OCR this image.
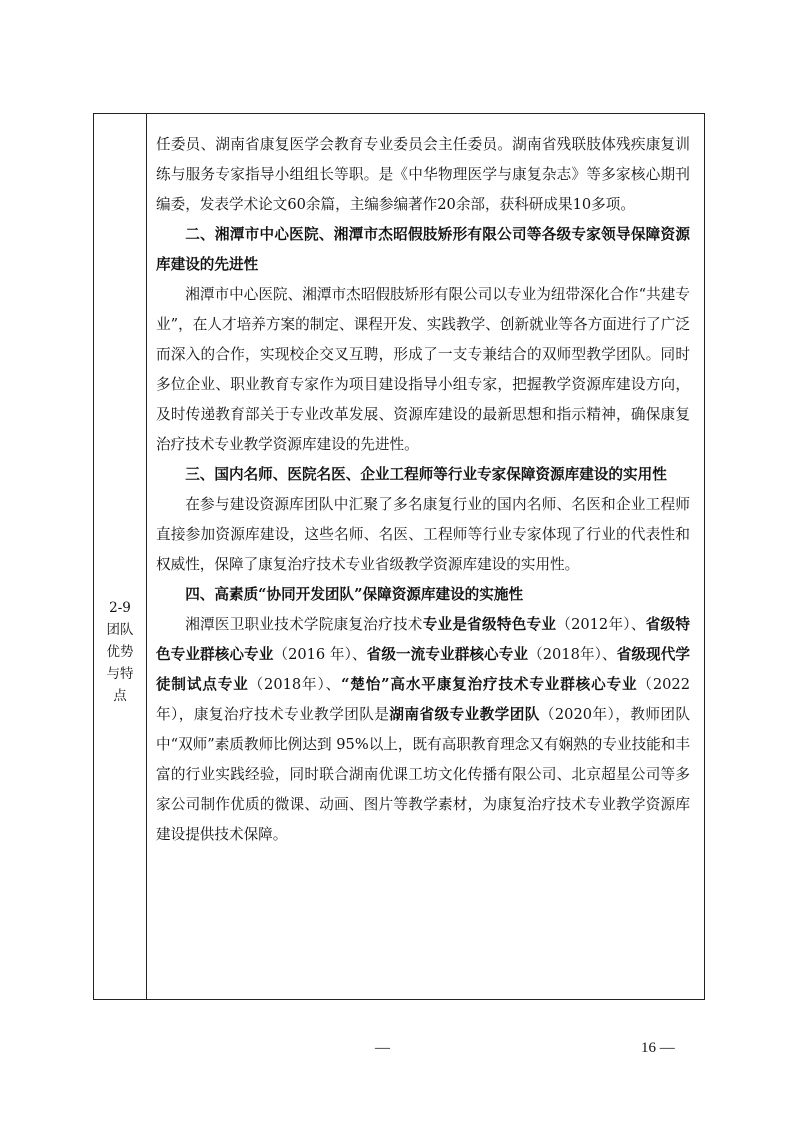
2-9
团队
优势
与特
点

任委员、湖南省康复医学会教育专业委员会主任委员。湖南省残联肢体残疾康复训练与服务专家指导小组组长等职。是《中华物理医学与康复杂志》等多家核心期刊编委，发表学术论文60余篇，主编参编著作20余部，获科研成果10多项。

二、湘潭市中心医院、湘潭市杰昭假肢矫形有限公司等各级专家领导保障资源库建设的先进性

湘潭市中心医院、湘潭市杰昭假肢矫形有限公司以专业为纽带深化合作“共建专业”，在人才培养方案的制定、课程开发、实践教学、创新就业等各方面进行了广泛而深入的合作，实现校企交叉互聘，形成了一支专兼结合的双师型教学团队。同时多位企业、职业教育专家作为项目建设指导小组专家，把握教学资源库建设方向，及时传递教育部关于专业改革发展、资源库建设的最新思想和指示精神，确保康复治疗技术专业教学资源库建设的先进性。

三、国内名师、医院名医、企业工程师等行业专家保障资源库建设的实用性

在参与建设资源库团队中汇聚了多名康复行业的国内名师、名医和企业工程师直接参加资源库建设，这些名师、名医、工程师等行业专家体现了行业的代表性和权威性，保障了康复治疗技术专业省级教学资源库建设的实用性。

四、高素质“协同开发团队”保障资源库建设的实施性

湘潭医卫职业技术学院康复治疗技术专业是省级特色专业（2012年）、省级特色专业群核心专业（2016 年）、省级一流专业群核心专业（2018年）、省级现代学徒制试点专业（2018年）、“楚怡”高水平康复治疗技术专业群核心专业（2022年），康复治疗技术专业教学团队是湖南省级专业教学团队（2020年），教师团队中“双师”素质教师比例达到 95%以上，既有高职教育理念又有娴熟的专业技能和丰富的行业实践经验，同时联合湖南优课工坊文化传播有限公司、北京超星公司等多家公司制作优质的微课、动画、图片等教学素材，为康复治疗技术专业教学资源库建设提供技术保障。

—	16 —
